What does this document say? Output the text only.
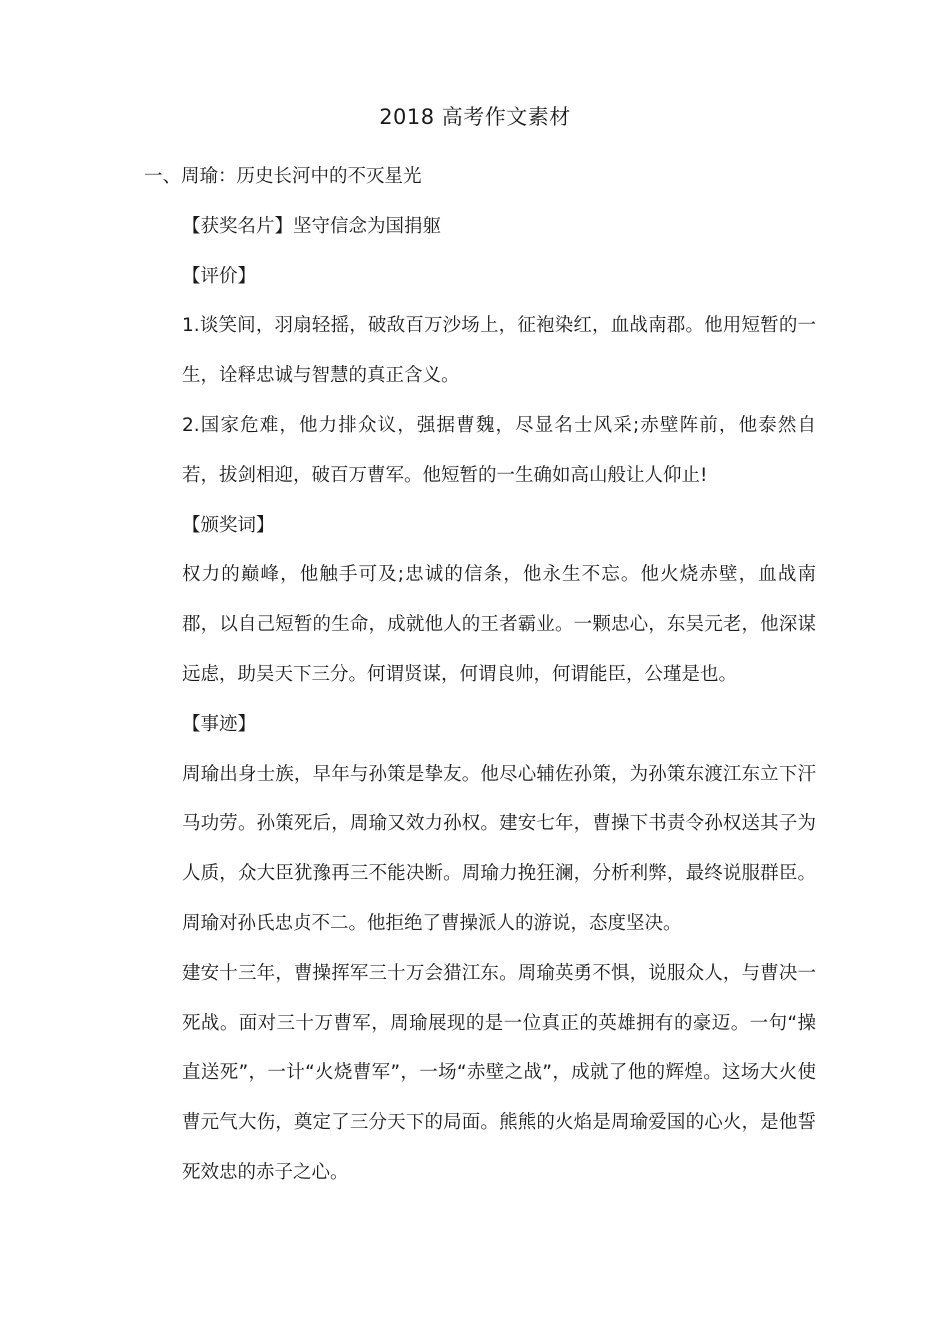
2018 高考作文素材
一、周瑜：历史长河中的不灭星光
【获奖名片】坚守信念为国捐躯
【评价】
1.谈笑间，羽扇轻摇，破敌百万沙场上，征袍染红，血战南郡。他用短暂的一生，诠释忠诚与智慧的真正含义。
2.国家危难，他力排众议，强据曹魏，尽显名士风采;赤壁阵前，他泰然自若，拔剑相迎，破百万曹军。他短暂的一生确如高山般让人仰止!
【颁奖词】
权力的巅峰，他触手可及;忠诚的信条，他永生不忘。他火烧赤壁，血战南郡，以自己短暂的生命，成就他人的王者霸业。一颗忠心，东吴元老，他深谋远虑，助吴天下三分。何谓贤谋，何谓良帅，何谓能臣，公瑾是也。
【事迹】
周瑜出身士族，早年与孙策是挚友。他尽心辅佐孙策，为孙策东渡江东立下汗马功劳。孙策死后，周瑜又效力孙权。建安七年，曹操下书责令孙权送其子为人质，众大臣犹豫再三不能决断。周瑜力挽狂澜，分析利弊，最终说服群臣。周瑜对孙氏忠贞不二。他拒绝了曹操派人的游说，态度坚决。
建安十三年，曹操挥军三十万会猎江东。周瑜英勇不惧，说服众人，与曹决一死战。面对三十万曹军，周瑜展现的是一位真正的英雄拥有的豪迈。一句“操直送死”，一计“火烧曹军”，一场“赤壁之战”，成就了他的辉煌。这场大火使曹元气大伤，奠定了三分天下的局面。熊熊的火焰是周瑜爱国的心火，是他誓死效忠的赤子之心。
